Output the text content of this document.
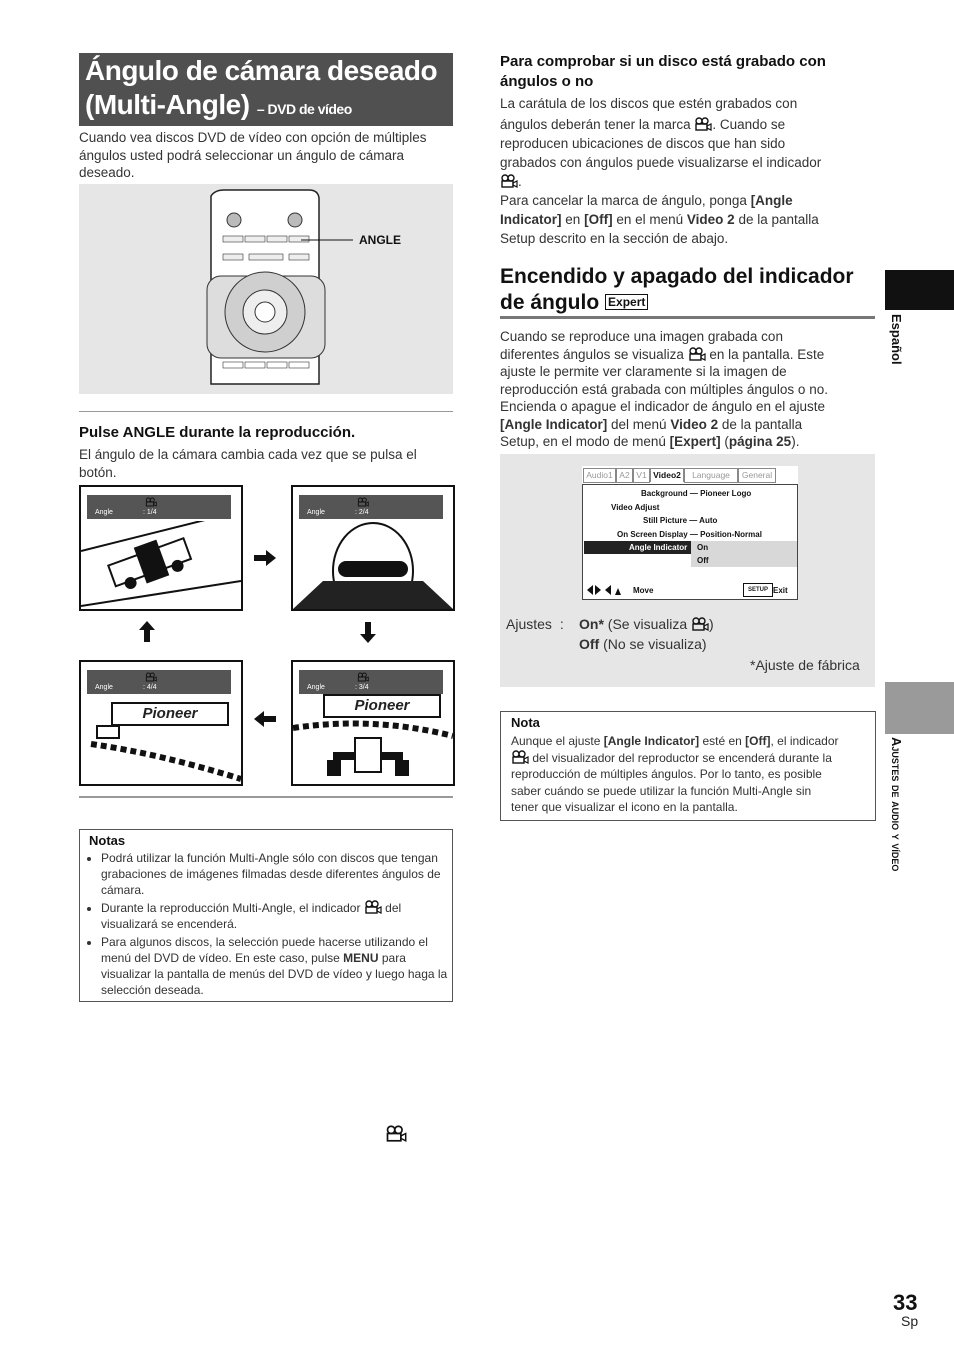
Ángulo de cámara deseado
(Multi-Angle) – DVD de vídeo
Cuando vea discos DVD de vídeo con opción de múltiples ángulos usted podrá seleccionar un ángulo de cámara deseado.
ANGLE
Pulse ANGLE durante la reproducción.
El ángulo de la cámara cambia cada vez que se pulsa el botón.
Angle	: 1/4	Angle	: 2/4
Angle	: 4/4
Pioneer
Angle	: 3/4
Pioneer
Notas
• Podrá utilizar la función Multi-Angle sólo con discos que tengan grabaciones de imágenes filmadas desde diferentes ángulos de cámara.
• Durante la reproducción Multi-Angle, el indicador del visualizará se encenderá.
• Para algunos discos, la selección puede hacerse utilizando el menú del DVD de vídeo. En este caso, pulse MENU para visualizar la pantalla de menús del DVD de vídeo y luego haga la selección deseada.
Para comprobar si un disco está grabado con ángulos o no
La carátula de los discos que estén grabados con
ángulos deberán tener la marca . Cuando se
reproducen ubicaciones de discos que han sido
grabados con ángulos puede visualizarse el indicador
.
Para cancelar la marca de ángulo, ponga [Angle
Indicator] en [Off] en el menú Video 2 de la pantalla
Setup descrito en la sección de abajo.
Encendido y apagado del indicador
de ángulo Expert
Cuando se reproduce una imagen grabada con
diferentes ángulos se visualiza en la pantalla. Este
ajuste le permite ver claramente si la imagen de
reproducción está grabada con múltiples ángulos o no.
Encienda o apague el indicador de ángulo en el ajuste
[Angle Indicator] del menú Video 2 de la pantalla
Setup, en el modo de menú [Expert] (página 25).
Audio1 A2 V1 Video2	Language	General
Background — Pioneer Logo
Video Adjust
Still Picture — Auto
On Screen Display — Position-Normal
Angle Indicator On
Off
Move	SETUP Exit
Ajustes : On* (Se visualiza )
Off (No se visualiza)
*Ajuste de fábrica
Nota
Aunque el ajuste [Angle Indicator] esté en [Off], el indicador
del visualizador del reproductor se encenderá durante la
reproducción de múltiples ángulos. Por lo tanto, es posible
saber cuándo se puede utilizar la función Multi-Angle sin
tener que visualizar el icono en la pantalla.
Español
Ajustes de audio y vídeo
33
Sp
